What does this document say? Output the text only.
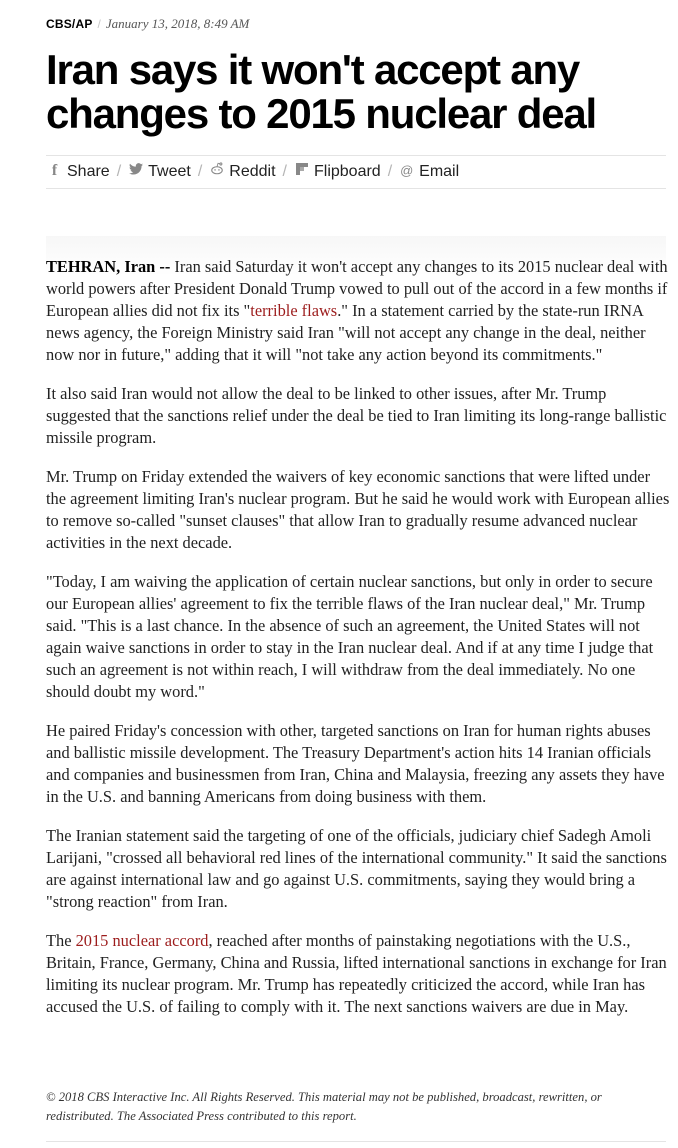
CBS/AP / January 13, 2018, 8:49 AM
Iran says it won't accept any changes to 2015 nuclear deal
f Share / Tweet / Reddit / Flipboard / @ Email

TEHRAN, Iran -- Iran said Saturday it won't accept any changes to its 2015 nuclear deal with world powers after President Donald Trump vowed to pull out of the accord in a few months if European allies did not fix its "terrible flaws." In a statement carried by the state-run IRNA news agency, the Foreign Ministry said Iran "will not accept any change in the deal, neither now nor in future," adding that it will "not take any action beyond its commitments."

It also said Iran would not allow the deal to be linked to other issues, after Mr. Trump suggested that the sanctions relief under the deal be tied to Iran limiting its long-range ballistic missile program.

Mr. Trump on Friday extended the waivers of key economic sanctions that were lifted under the agreement limiting Iran's nuclear program. But he said he would work with European allies to remove so-called "sunset clauses" that allow Iran to gradually resume advanced nuclear activities in the next decade.

"Today, I am waiving the application of certain nuclear sanctions, but only in order to secure our European allies' agreement to fix the terrible flaws of the Iran nuclear deal," Mr. Trump said. "This is a last chance. In the absence of such an agreement, the United States will not again waive sanctions in order to stay in the Iran nuclear deal. And if at any time I judge that such an agreement is not within reach, I will withdraw from the deal immediately. No one should doubt my word."

He paired Friday's concession with other, targeted sanctions on Iran for human rights abuses and ballistic missile development. The Treasury Department's action hits 14 Iranian officials and companies and businessmen from Iran, China and Malaysia, freezing any assets they have in the U.S. and banning Americans from doing business with them.

The Iranian statement said the targeting of one of the officials, judiciary chief Sadegh Amoli Larijani, "crossed all behavioral red lines of the international community." It said the sanctions are against international law and go against U.S. commitments, saying they would bring a "strong reaction" from Iran.

The 2015 nuclear accord, reached after months of painstaking negotiations with the U.S., Britain, France, Germany, China and Russia, lifted international sanctions in exchange for Iran limiting its nuclear program. Mr. Trump has repeatedly criticized the accord, while Iran has accused the U.S. of failing to comply with it. The next sanctions waivers are due in May.

© 2018 CBS Interactive Inc. All Rights Reserved. This material may not be published, broadcast, rewritten, or redistributed. The Associated Press contributed to this report.
